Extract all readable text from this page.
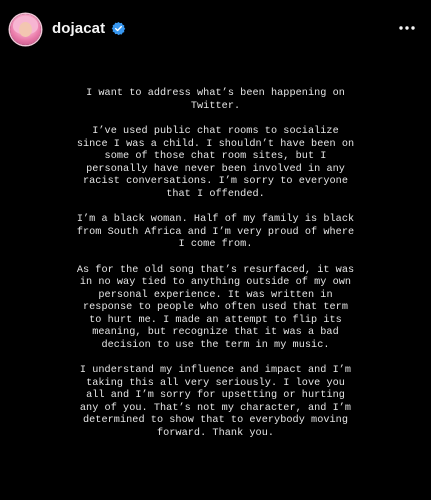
dojacat
I want to address what’s been happening on
Twitter.
I’ve used public chat rooms to socialize
since I was a child. I shouldn’t have been on
some of those chat room sites, but I
personally have never been involved in any
racist conversations. I’m sorry to everyone
that I offended.
I’m a black woman. Half of my family is black
from South Africa and I’m very proud of where
I come from.
As for the old song that’s resurfaced, it was
in no way tied to anything outside of my own
personal experience. It was written in
response to people who often used that term
to hurt me. I made an attempt to flip its
meaning, but recognize that it was a bad
decision to use the term in my music.
I understand my influence and impact and I’m
taking this all very seriously. I love you
all and I’m sorry for upsetting or hurting
any of you. That’s not my character, and I’m
determined to show that to everybody moving
forward. Thank you.
